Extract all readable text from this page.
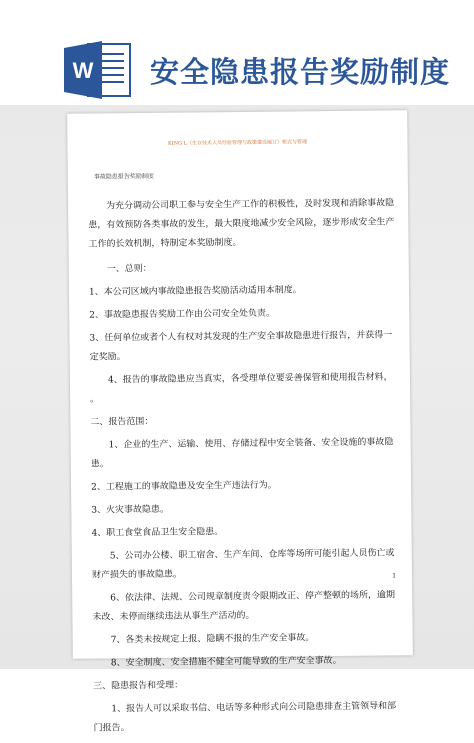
W 安全隐患报告奖励制度
KING·L《生存技术人员经验管理与政策建设编订》格式与管理
事故隐患报告奖励制度

为充分调动公司职工参与安全生产工作的积极性，及时发现和消除事故隐患，有效预防各类事故的发生，最大限度地减少安全风险，逐步形成安全生产工作的长效机制，特制定本奖励制度。

一、总则：

1、本公司区域内事故隐患报告奖励活动适用本制度。

2、事故隐患报告奖励工作由公司安全处负责。

3、任何单位或者个人有权对其发现的生产安全事故隐患进行报告，并获得一定奖励。

4、报告的事故隐患应当真实，各受理单位要妥善保管和使用报告材料， 。

二、报告范围：

1、企业的生产、运输、使用、存储过程中安全装备、安全设施的事故隐患。

2、工程施工的事故隐患及安全生产违法行为。

3、火灾事故隐患。

4、职工食堂食品卫生安全隐患。

5、公司办公楼、职工宿舍、生产车间、仓库等场所可能引起人员伤亡或财产损失的事故隐患。

6、依法律、法规、公司规章制度责令限期改正、停产整顿的场所，逾期未改、未停而继续违法从事生产活动的。

7、各类未按规定上报、隐瞒不报的生产安全事故。

8、安全制度、安全措施不健全可能导致的生产安全事故。

三、隐患报告和受理：

1、报告人可以采取书信、电话等多种形式向公司隐患排查主管领导和部门报告。

1
